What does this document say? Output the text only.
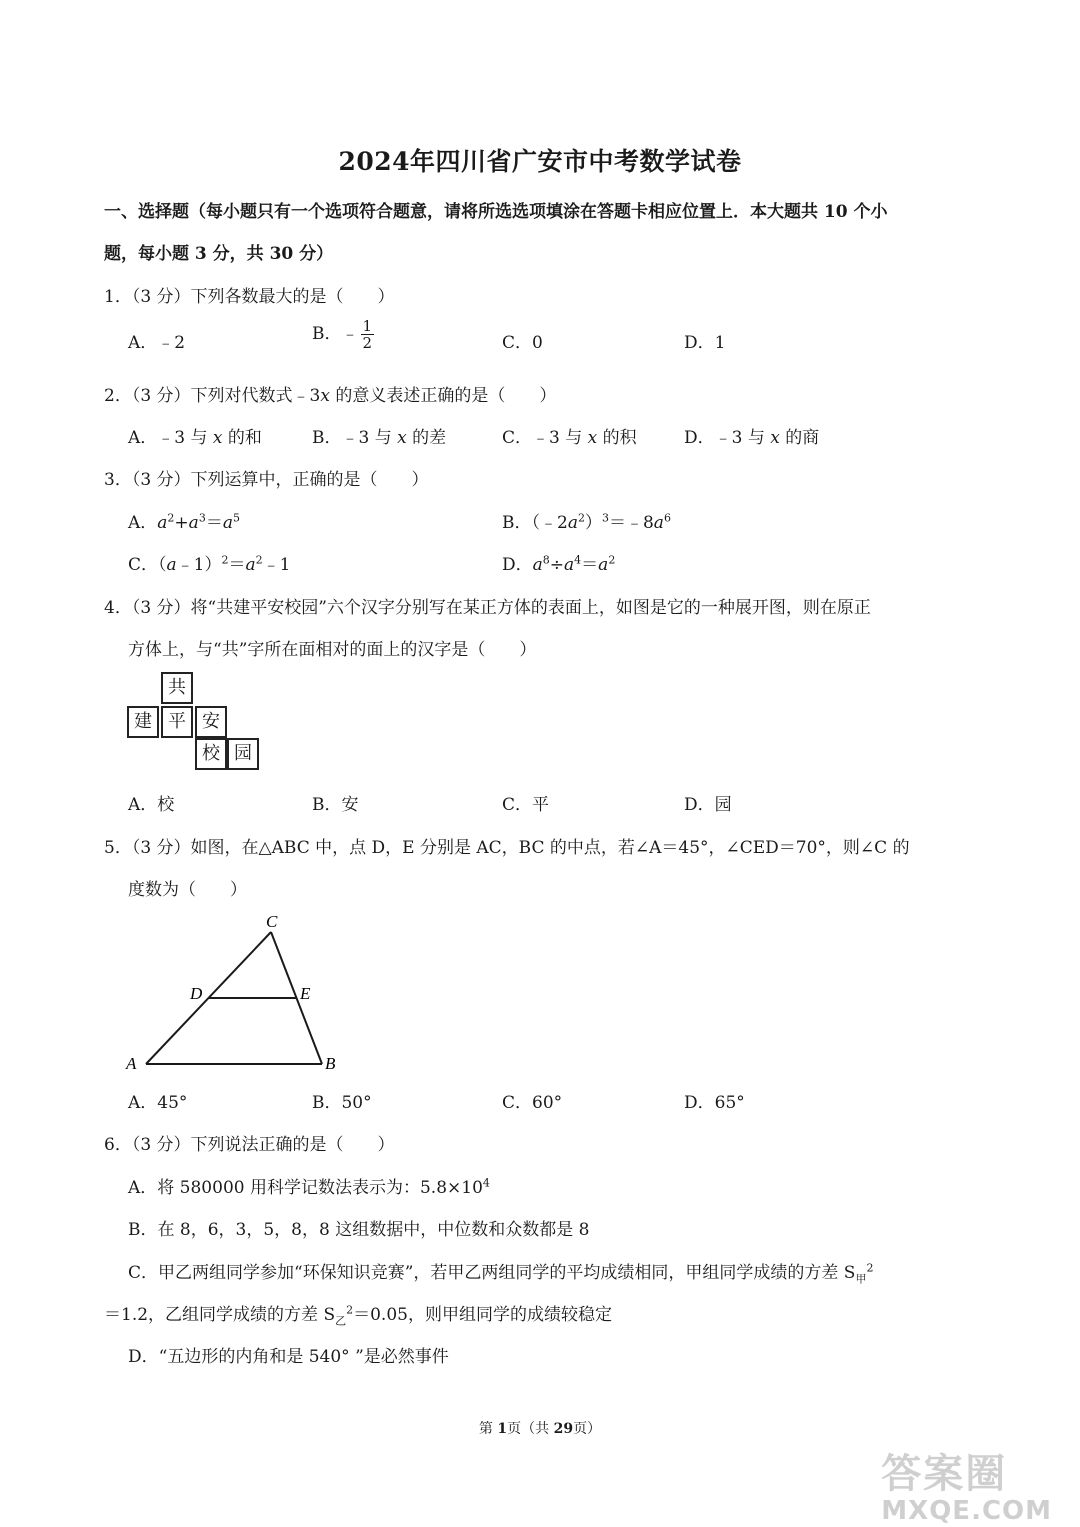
2024年四川省广安市中考数学试卷
一、选择题（每小题只有一个选项符合题意，请将所选选项填涂在答题卡相应位置上．本大题共 10 个小
题，每小题 3 分，共 30 分）
1．（3 分）下列各数最大的是（　　）
A．﹣2	B．﹣ $\frac{1}{2}$	C．0	D．1
2．（3 分）下列对代数式﹣3x 的意义表述正确的是（　　）
A．﹣3 与 x 的和	B．﹣3 与 x 的差	C．﹣3 与 x 的积	D．﹣3 与 x 的商
3．（3 分）下列运算中，正确的是（　　）
A．$a^2+a^3=a^5$	B．$(﹣2a^2)^3=﹣8a^6$
C．$(a﹣1)^2=a^2﹣1$	D．$a^8\div a^4=a^2$
4．（3 分）将“共建平安校园”六个汉字分别写在某正方体的表面上，如图是它的一种展开图，则在原正
方体上，与“共”字所在面相对的面上的汉字是（　　）
共
建 平 安
校 园
A．校	B．安	C．平	D．园
5．（3 分）如图，在△ABC 中，点 D，E 分别是 AC，BC 的中点，若∠A＝45°，∠CED＝70°，则∠C 的
度数为（　　）
C
D	E
A	B
A．45°	B．50°	C．60°	D．65°
6．（3 分）下列说法正确的是（　　）
A．将 580000 用科学记数法表示为：$5.8\times 10^4$
B．在 8，6，3，5，8，8 这组数据中，中位数和众数都是 8
C．甲乙两组同学参加“环保知识竞赛”，若甲乙两组同学的平均成绩相同，甲组同学成绩的方差 $S_甲^2$
＝1.2，乙组同学成绩的方差 $S_乙^2=0.05$，则甲组同学的成绩较稳定
D．“五边形的内角和是 540° ”是必然事件
第 1页（共 29页）
答案圈
MXQE.COM
